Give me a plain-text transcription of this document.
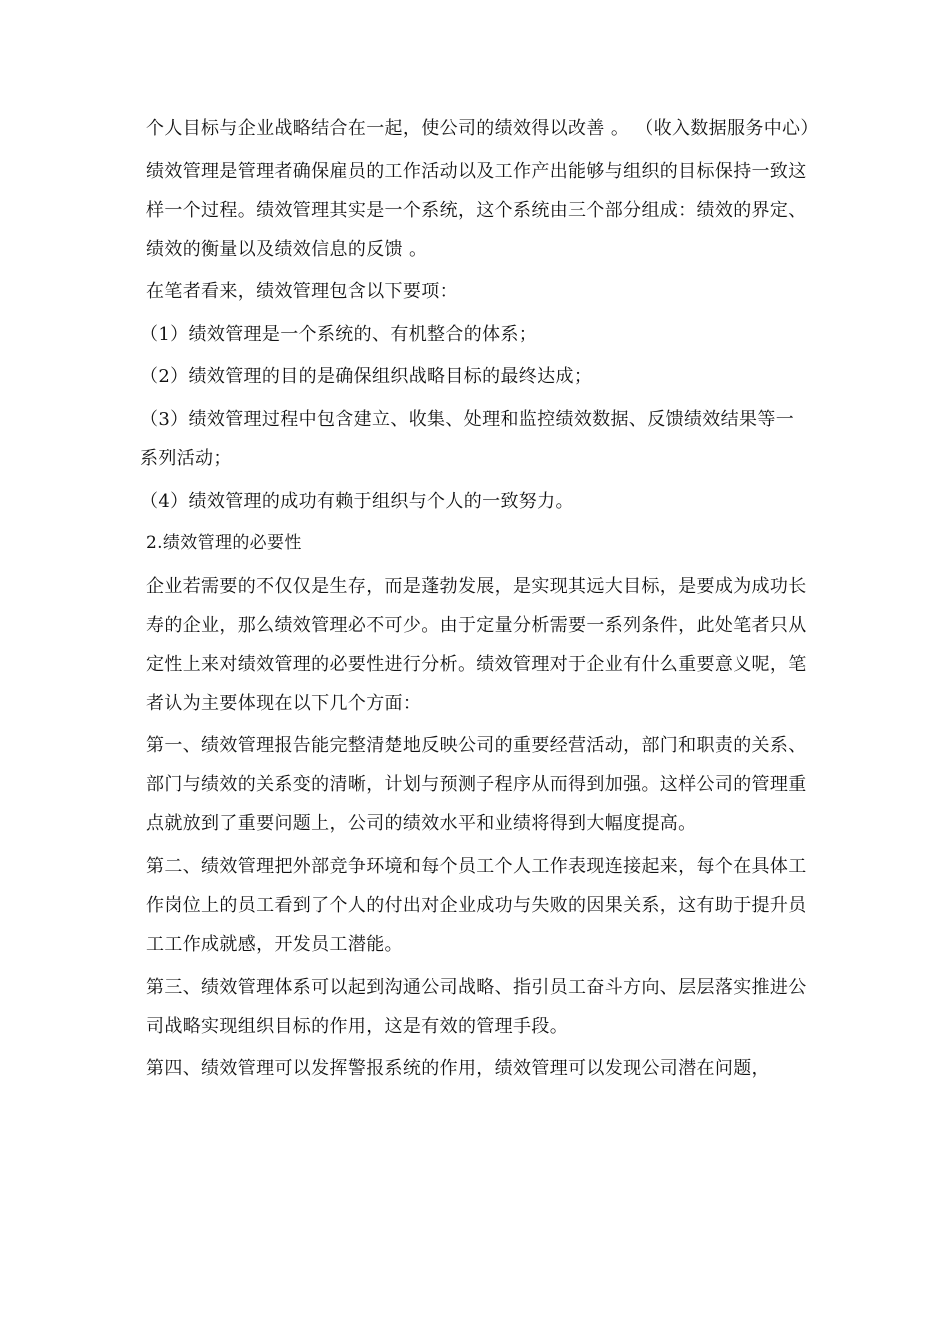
个人目标与企业战略结合在一起，使公司的绩效得以改善 。 （收入数据服务中心）

绩效管理是管理者确保雇员的工作活动以及工作产出能够与组织的目标保持一致这样一个过程。绩效管理其实是一个系统，这个系统由三个部分组成：绩效的界定、绩效的衡量以及绩效信息的反馈 。

在笔者看来，绩效管理包含以下要项：

（1）绩效管理是一个系统的、有机整合的体系；

（2）绩效管理的目的是确保组织战略目标的最终达成；

（3）绩效管理过程中包含建立、收集、处理和监控绩效数据、反馈绩效结果等一系列活动；

（4）绩效管理的成功有赖于组织与个人的一致努力。

2.绩效管理的必要性

企业若需要的不仅仅是生存，而是蓬勃发展，是实现其远大目标，是要成为成功长寿的企业，那么绩效管理必不可少。由于定量分析需要一系列条件，此处笔者只从定性上来对绩效管理的必要性进行分析。绩效管理对于企业有什么重要意义呢，笔者认为主要体现在以下几个方面：

第一、绩效管理报告能完整清楚地反映公司的重要经营活动，部门和职责的关系、部门与绩效的关系变的清晰，计划与预测子程序从而得到加强。这样公司的管理重点就放到了重要问题上，公司的绩效水平和业绩将得到大幅度提高。

第二、绩效管理把外部竞争环境和每个员工个人工作表现连接起来，每个在具体工作岗位上的员工看到了个人的付出对企业成功与失败的因果关系，这有助于提升员工工作成就感，开发员工潜能。

第三、绩效管理体系可以起到沟通公司战略、指引员工奋斗方向、层层落实推进公司战略实现组织目标的作用，这是有效的管理手段。

第四、绩效管理可以发挥警报系统的作用，绩效管理可以发现公司潜在问题，
